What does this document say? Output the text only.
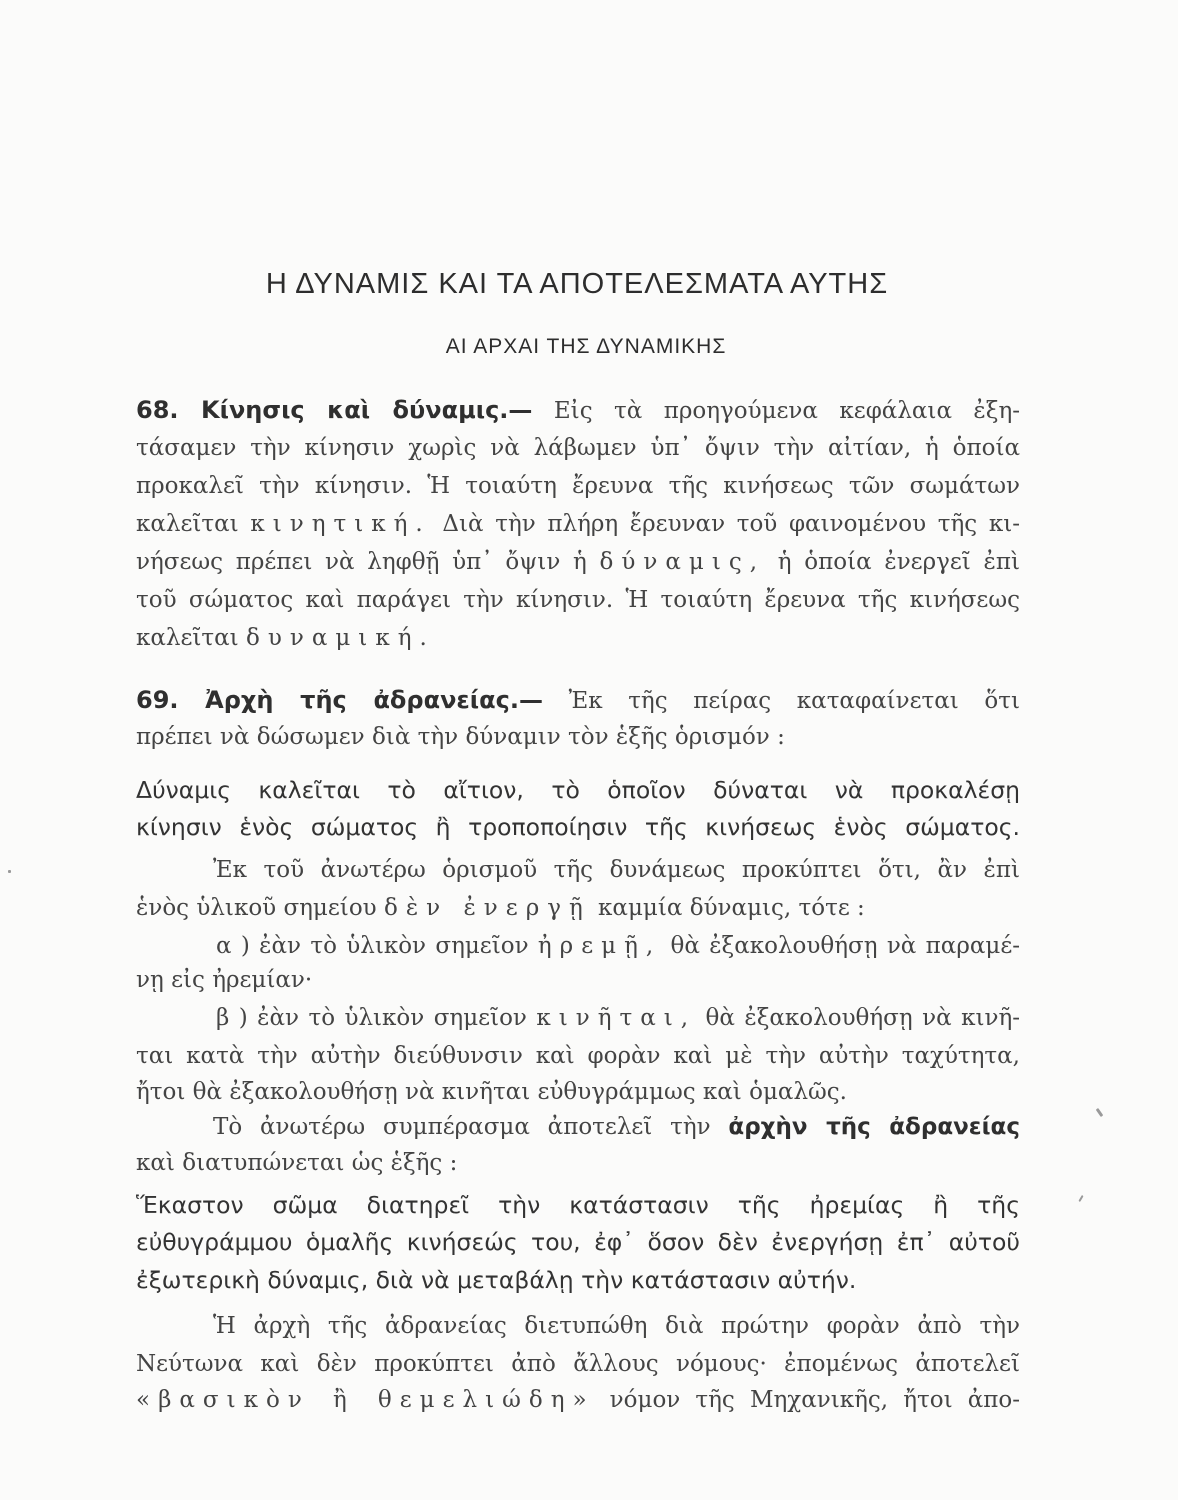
Η ΔΥΝΑΜΙΣ ΚΑΙ ΤΑ ΑΠΟΤΕΛΕΣΜΑΤΑ ΑΥΤΗΣ
ΑΙ ΑΡΧΑΙ ΤΗΣ ΔΥΝΑΜΙΚΗΣ
68. Κίνησις καὶ δύναμις.— Εἰς τὰ προηγούμενα κεφάλαια ἐξη-
τάσαμεν τὴν κίνησιν χωρὶς νὰ λάβωμεν ὑπ᾽ ὄψιν τὴν αἰτίαν, ἡ ὁποία
προκαλεῖ τὴν κίνησιν. Ἡ τοιαύτη ἔρευνα τῆς κινήσεως τῶν σωμάτων
καλεῖται κινητική. Διὰ τὴν πλήρη ἔρευναν τοῦ φαινομένου τῆς κι-
νήσεως πρέπει νὰ ληφθῇ ὑπ᾽ ὄψιν ἡ δύναμις, ἡ ὁποία ἐνεργεῖ ἐπὶ
τοῦ σώματος καὶ παράγει τὴν κίνησιν. Ἡ τοιαύτη ἔρευνα τῆς κινήσεως
καλεῖται δυναμική.
69. Ἀρχὴ τῆς ἀδρανείας.— Ἐκ τῆς πείρας καταφαίνεται ὅτι
πρέπει νὰ δώσωμεν διὰ τὴν δύναμιν τὸν ἑξῆς ὁρισμόν :
Δύναμις καλεῖται τὸ αἴτιον, τὸ ὁποῖον δύναται νὰ προκαλέσῃ
κίνησιν ἑνὸς σώματος ἢ τροποποίησιν τῆς κινήσεως ἑνὸς σώματος.
Ἐκ τοῦ ἀνωτέρω ὁρισμοῦ τῆς δυνάμεως προκύπτει ὅτι, ἂν ἐπὶ
ἑνὸς ὑλικοῦ σημείου δὲν ἐνεργῇ καμμία δύναμις, τότε :
α ) ἐὰν τὸ ὑλικὸν σημεῖον ἠρεμῇ, θὰ ἐξακολουθήσῃ νὰ παραμέ-
νῃ εἰς ἠρεμίαν·
β ) ἐὰν τὸ ὑλικὸν σημεῖον κινῆται, θὰ ἐξακολουθήσῃ νὰ κινῆ-
ται κατὰ τὴν αὐτὴν διεύθυνσιν καὶ φορὰν καὶ μὲ τὴν αὐτὴν ταχύτητα,
ἤτοι θὰ ἐξακολουθήσῃ νὰ κινῆται εὐθυγράμμως καὶ ὁμαλῶς.
Τὸ ἀνωτέρω συμπέρασμα ἀποτελεῖ τὴν ἀρχὴν τῆς ἀδρανείας
καὶ διατυπώνεται ὡς ἑξῆς :
Ἕκαστον σῶμα διατηρεῖ τὴν κατάστασιν τῆς ἠρεμίας ἢ τῆς
εὐθυγράμμου ὁμαλῆς κινήσεώς του, ἐφ᾽ ὅσον δὲν ἐνεργήσῃ ἐπ᾽ αὐτοῦ
ἐξωτερικὴ δύναμις, διὰ νὰ μεταβάλῃ τὴν κατάστασιν αὐτήν.
Ἡ ἀρχὴ τῆς ἀδρανείας διετυπώθη διὰ πρώτην φορὰν ἀπὸ τὴν
Νεύτωνα καὶ δὲν προκύπτει ἀπὸ ἄλλους νόμους· ἐπομένως ἀποτελεῖ
«βασικὸν ἢ θεμελιώδη» νόμον τῆς Μηχανικῆς, ἤτοι ἀπο-
